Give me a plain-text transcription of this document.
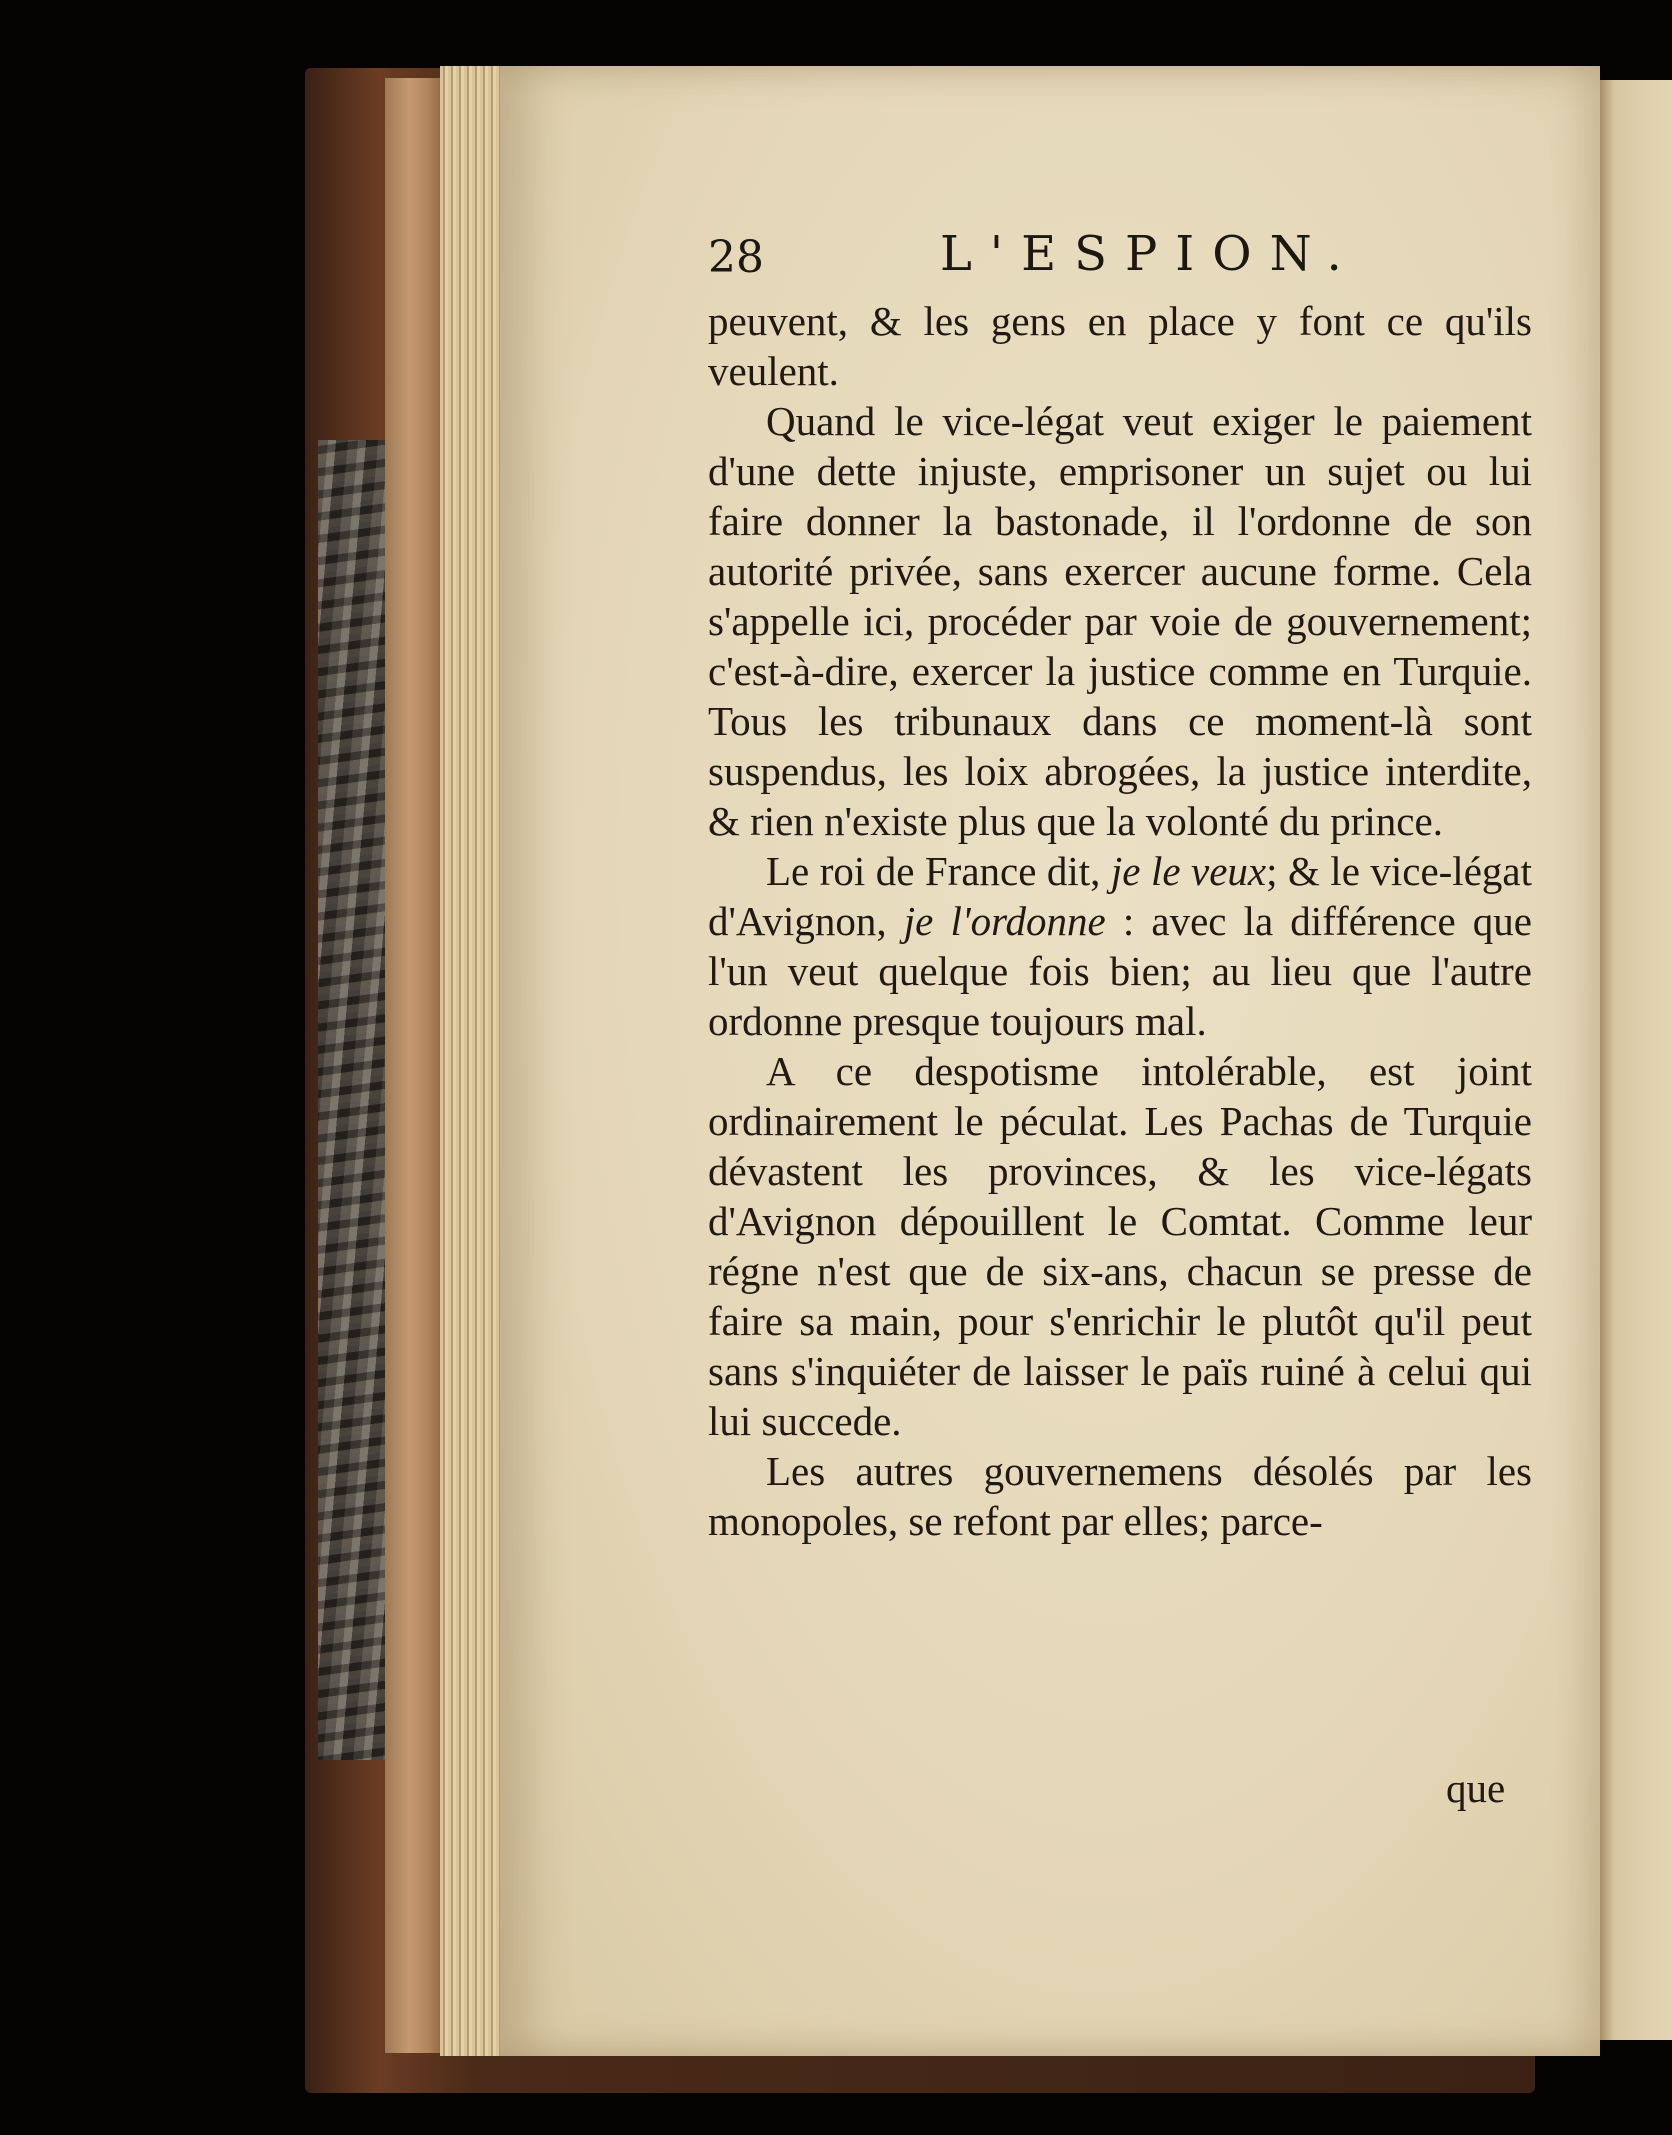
28	L'ESPION.

peuvent, & les gens en place y font ce qu'ils veulent.

Quand le vice-légat veut exiger le paiement d'une dette injuste, emprisoner un sujet ou lui faire donner la bastonade, il l'ordonne de son autorité privée, sans exercer aucune forme. Cela s'appelle ici, procéder par voie de gouvernement; c'est-à-dire, exercer la justice comme en Turquie. Tous les tribunaux dans ce moment-là sont suspendus, les loix abrogées, la justice interdite, & rien n'existe plus que la volonté du prince.

Le roi de France dit, je le veux; & le vice-légat d'Avignon, je l'ordonne : avec la différence que l'un veut quelque fois bien; au lieu que l'autre ordonne presque toujours mal.

A ce despotisme intolérable, est joint ordinairement le péculat. Les Pachas de Turquie dévastent les provinces, & les vice-légats d'Avignon dépouillent le Comtat. Comme leur régne n'est que de six-ans, chacun se presse de faire sa main, pour s'enrichir le plutôt qu'il peut sans s'inquiéter de laisser le païs ruiné à celui qui lui succede.

Les autres gouvernemens désolés par les monopoles, se refont par elles; parce-

que
